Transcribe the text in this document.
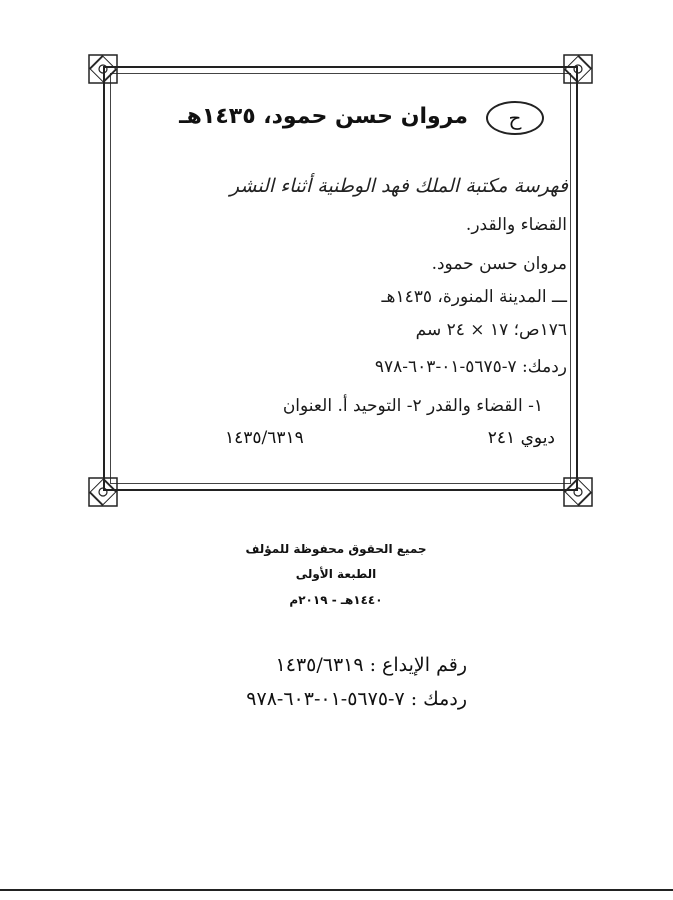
ح
مروان حسن حمود، ١٤٣٥هـ
فهرسة مكتبة الملك فهد الوطنية أثناء النشر
القضاء والقدر.
مروان حسن حمود.
ـــ المدينة المنورة، ١٤٣٥هـ
١٧٦ص؛ ١٧ × ٢٤ سم
ردمك: ٧-٥٦٧٥-٠١-٦٠٣-٩٧٨
١- القضاء والقدر ٢- التوحيد أ. العنوان
ديوي ٢٤١
١٤٣٥/٦٣١٩
جميع الحقوق محفوظة للمؤلف
الطبعة الأولى
١٤٤٠هـ - ٢٠١٩م
رقم الإيداع : ١٤٣٥/٦٣١٩
ردمك : ٧-٥٦٧٥-٠١-٦٠٣-٩٧٨
